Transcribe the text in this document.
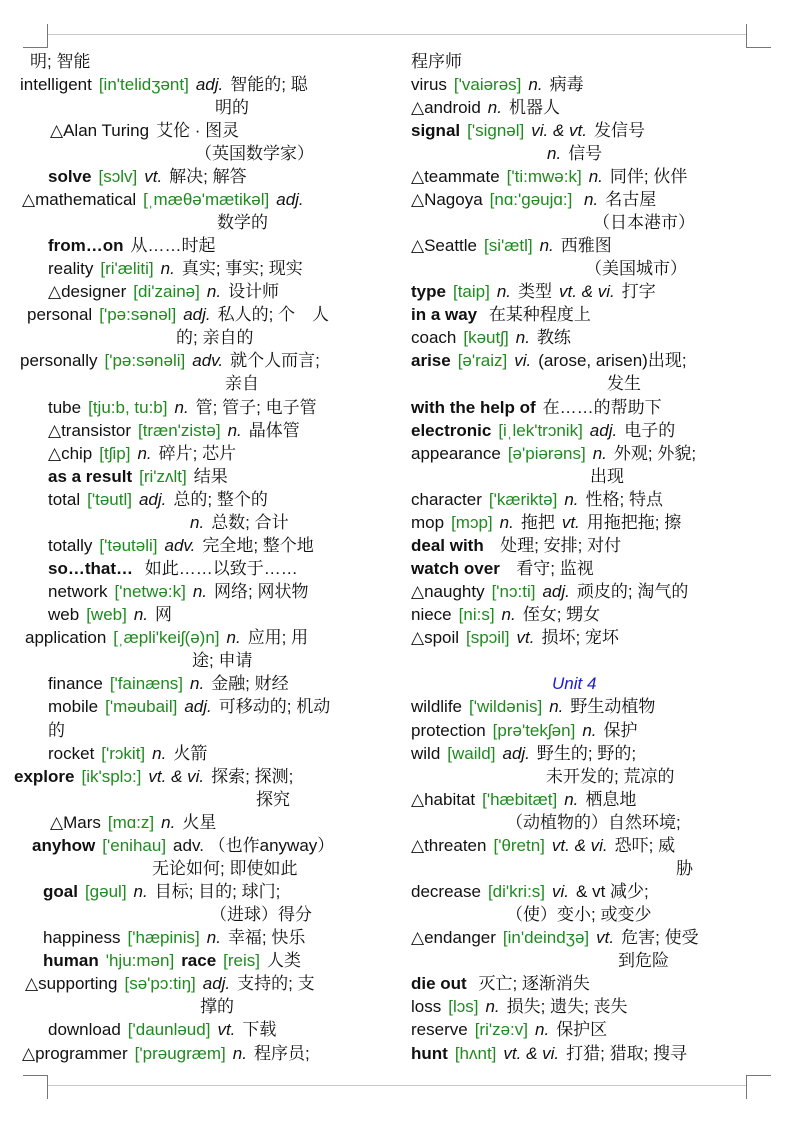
明; 智能
intelligent [in'telidʒənt] adj. 智能的; 聪
明的
△Alan Turing 艾伦 · 图灵
（英国数学家）
solve [sɔlv] vt. 解决; 解答
△mathematical [ˌmæθə'mætikəl] adj.
数学的
from…on 从……时起
reality [ri'æliti] n. 真实; 事实; 现实
△designer [di'zainə] n. 设计师
personal ['pə:sənəl] adj. 私人的; 个　人
的; 亲自的
personally ['pə:sənəli] adv. 就个人而言;
亲自
tube [tju:b, tu:b] n. 管; 管子; 电子管
△transistor [træn'zistə] n. 晶体管
△chip [tʃip] n. 碎片; 芯片
as a result [ri'zʌlt] 结果
total ['təutl] adj. 总的; 整个的
n. 总数; 合计
totally ['təutəli] adv. 完全地; 整个地
so…that… 如此……以致于……
network ['netwə:k] n. 网络; 网状物
web [web] n. 网
application [ˌæpli'keiʃ(ə)n] n. 应用; 用
途; 申请
finance ['fainæns] n. 金融; 财经
mobile ['məubail] adj. 可移动的; 机动
的
rocket ['rɔkit] n. 火箭
explore [ik'splɔ:] vt. & vi. 探索; 探测;
探究
△Mars [mɑ:z] n. 火星
anyhow ['enihau] adv. （也作anyway）
无论如何; 即使如此
goal [gəul] n. 目标; 目的; 球门;
（进球）得分
happiness ['hæpinis] n. 幸福; 快乐
human 'hju:mən] race [reis] 人类
△supporting [sə'pɔ:tiŋ] adj. 支持的; 支
撑的
download ['daunləud] vt. 下载
△programmer ['prəugræm] n. 程序员;
程序师
virus ['vaiərəs] n. 病毒
△android n. 机器人
signal ['signəl] vi. & vt. 发信号
n. 信号
△teammate ['ti:mwə:k] n. 同伴; 伙伴
△Nagoya [nɑ:'gəujɑ:] n. 名古屋
（日本港市）
△Seattle [si'ætl] n. 西雅图
（美国城市）
type [taip] n. 类型 vt. & vi. 打字
in a way 在某种程度上
coach [kəutʃ] n. 教练
arise [ə'raiz] vi. (arose, arisen)出现;
发生
with the help of 在……的帮助下
electronic [iˌlek'trɔnik] adj. 电子的
appearance [ə'piərəns] n. 外观; 外貌;
出现
character ['kæriktə] n. 性格; 特点
mop [mɔp] n. 拖把 vt. 用拖把拖; 擦
deal with  处理; 安排; 对付
watch over  看守; 监视
△naughty ['nɔ:ti] adj. 顽皮的; 淘气的
niece [ni:s] n. 侄女; 甥女
△spoil [spɔil] vt. 损坏; 宠坏
Unit 4
wildlife ['wildənis] n. 野生动植物
protection [prə'tekʃən] n. 保护
wild [waild] adj. 野生的; 野的;
未开发的; 荒凉的
△habitat ['hæbitæt] n. 栖息地
（动植物的）自然环境;
△threaten ['θretn] vt. & vi. 恐吓; 威
胁
decrease [di'kri:s] vi. & vt 减少;
（使）变小; 或变少
△endanger [in'deindʒə] vt. 危害; 使受
到危险
die out 灭亡; 逐渐消失
loss [lɔs] n. 损失; 遗失; 丧失
reserve [ri'zə:v] n. 保护区
hunt [hʌnt] vt. & vi. 打猎; 猎取; 搜寻
